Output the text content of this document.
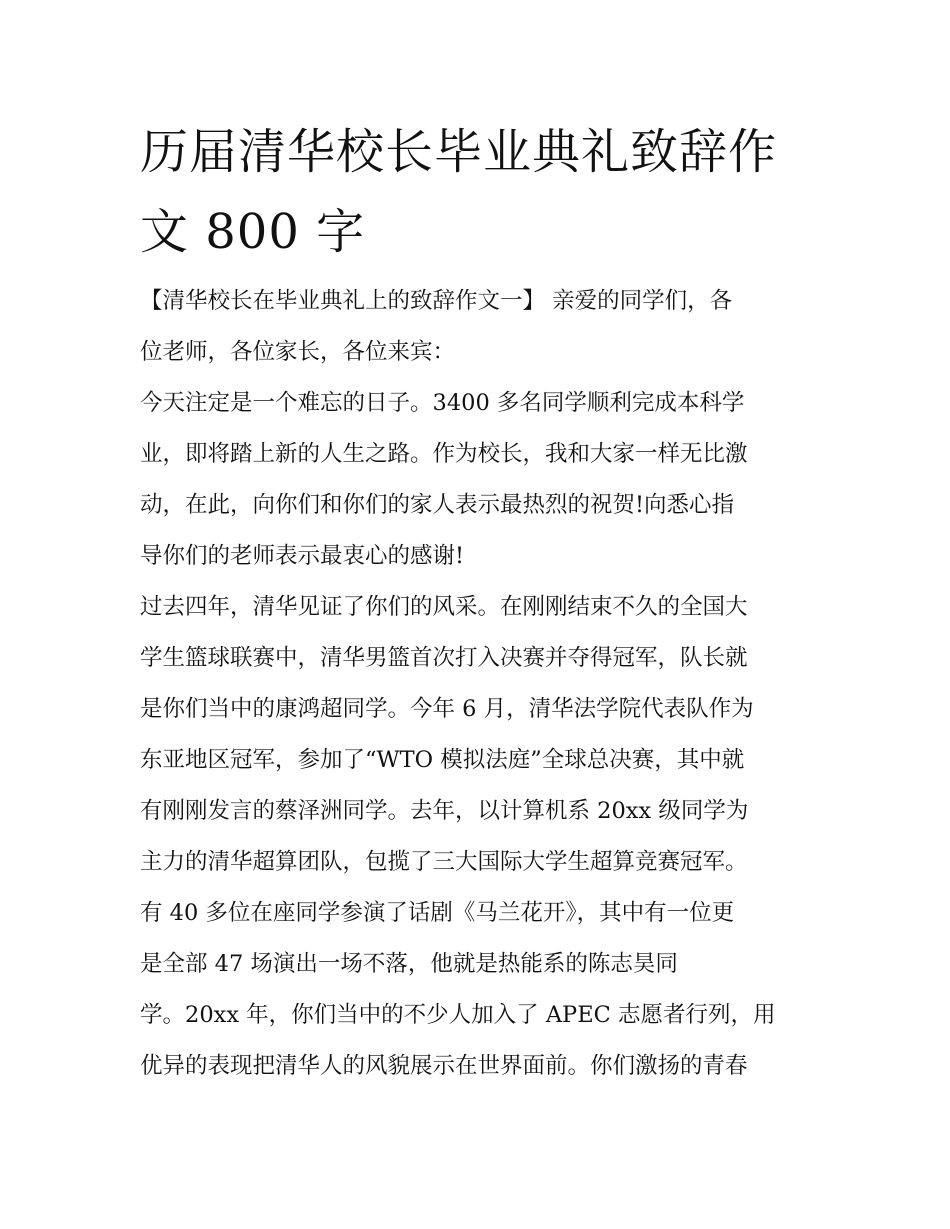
历届清华校长毕业典礼致辞作
文 800 字
【清华校长在毕业典礼上的致辞作文一】 亲爱的同学们，各
位老师，各位家长，各位来宾：
今天注定是一个难忘的日子。3400 多名同学顺利完成本科学
业，即将踏上新的人生之路。作为校长，我和大家一样无比激
动，在此，向你们和你们的家人表示最热烈的祝贺!向悉心指
导你们的老师表示最衷心的感谢!
过去四年，清华见证了你们的风采。在刚刚结束不久的全国大
学生篮球联赛中，清华男篮首次打入决赛并夺得冠军，队长就
是你们当中的康鸿超同学。今年 6 月，清华法学院代表队作为
东亚地区冠军，参加了“WTO 模拟法庭”全球总决赛，其中就
有刚刚发言的蔡泽洲同学。去年，以计算机系 20xx 级同学为
主力的清华超算团队，包揽了三大国际大学生超算竞赛冠军。
有 40 多位在座同学参演了话剧《马兰花开》，其中有一位更
是全部 47 场演出一场不落，他就是热能系的陈志昊同
学。20xx 年，你们当中的不少人加入了 APEC 志愿者行列，用
优异的表现把清华人的风貌展示在世界面前。你们激扬的青春
